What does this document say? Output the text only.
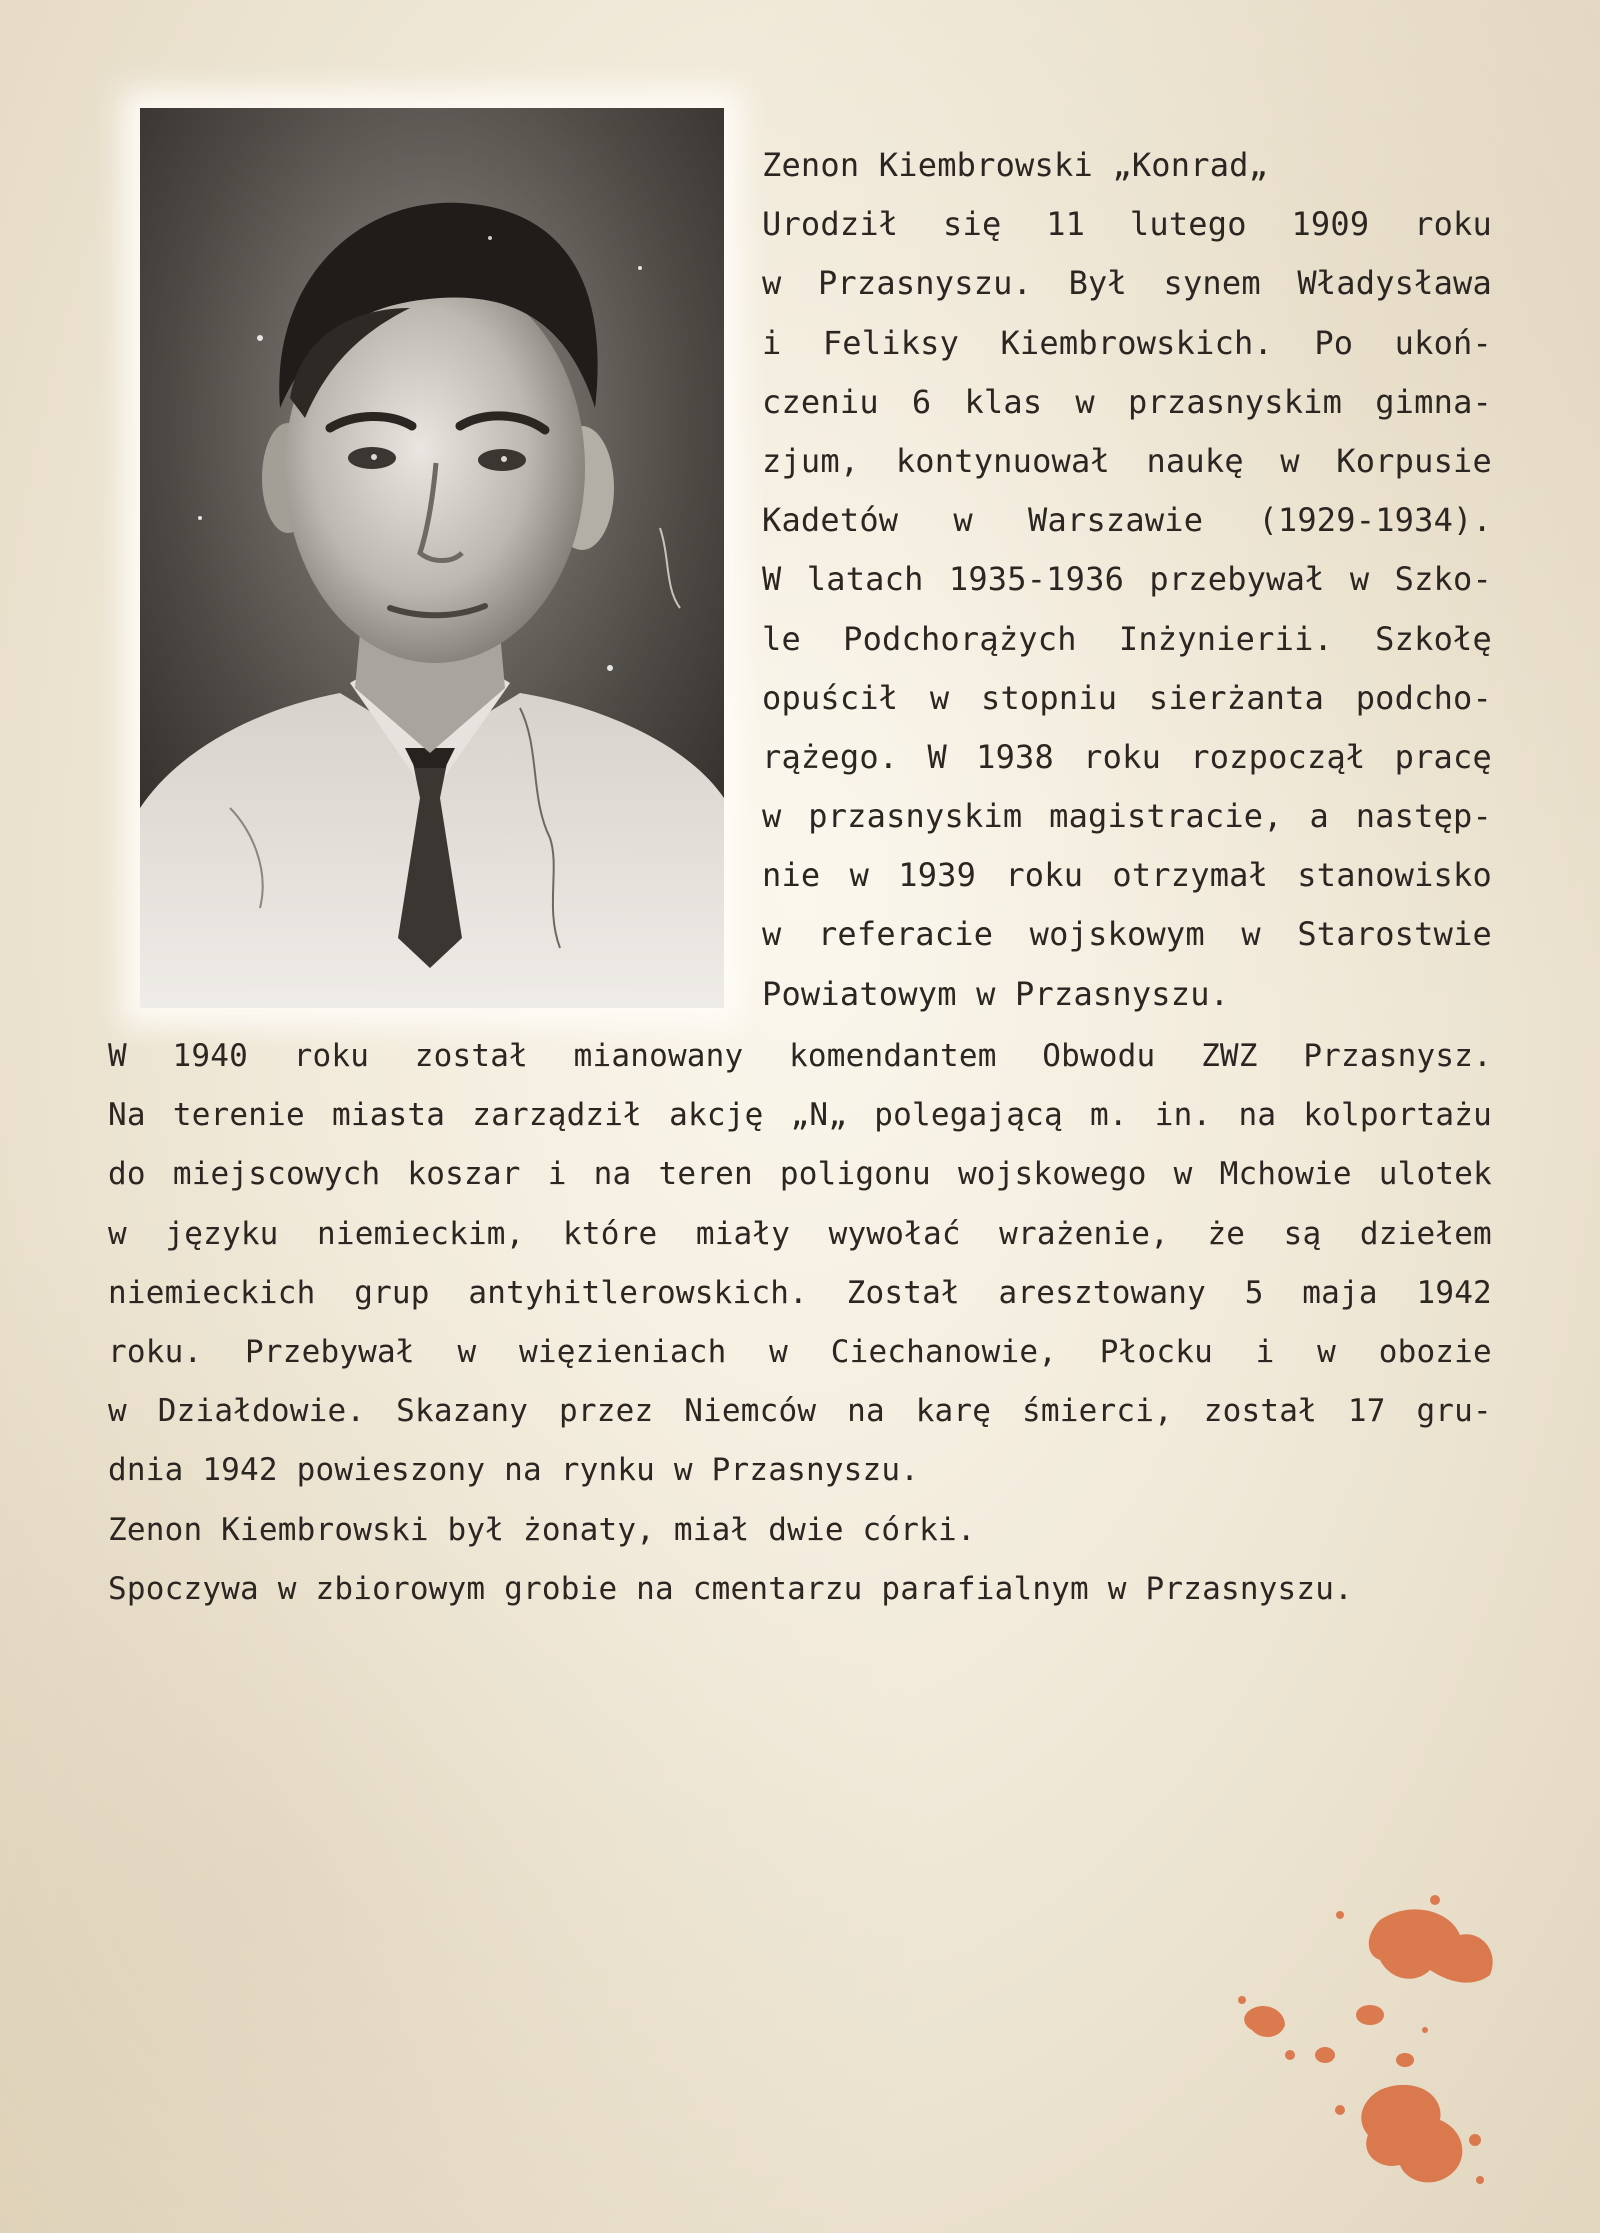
Zenon Kiembrowski „Konrad„
Urodził się 11 lutego 1909 roku
w Przasnyszu. Był synem Władysława
i Feliksy Kiembrowskich. Po ukoń-
czeniu 6 klas w przasnyskim gimna-
zjum, kontynuował naukę w Korpusie
Kadetów w Warszawie (1929-1934).
W latach 1935-1936 przebywał w Szko-
le Podchorążych Inżynierii. Szkołę
opuścił w stopniu sierżanta podcho-
rążego. W 1938 roku rozpoczął pracę
w przasnyskim magistracie, a następ-
nie w 1939 roku otrzymał stanowisko
w referacie wojskowym w Starostwie
Powiatowym w Przasnyszu.
W 1940 roku został mianowany komendantem Obwodu ZWZ Przasnysz.
Na terenie miasta zarządził akcję „N„ polegającą m. in. na kolportażu
do miejscowych koszar i na teren poligonu wojskowego w Mchowie ulotek
w języku niemieckim, które miały wywołać wrażenie, że są dziełem
niemieckich grup antyhitlerowskich. Został aresztowany 5 maja 1942
roku. Przebywał w więzieniach w Ciechanowie, Płocku i w obozie
w Działdowie. Skazany przez Niemców na karę śmierci, został 17 gru-
dnia 1942 powieszony na rynku w Przasnyszu.
Zenon Kiembrowski był żonaty, miał dwie córki.
Spoczywa w zbiorowym grobie na cmentarzu parafialnym w Przasnyszu.
